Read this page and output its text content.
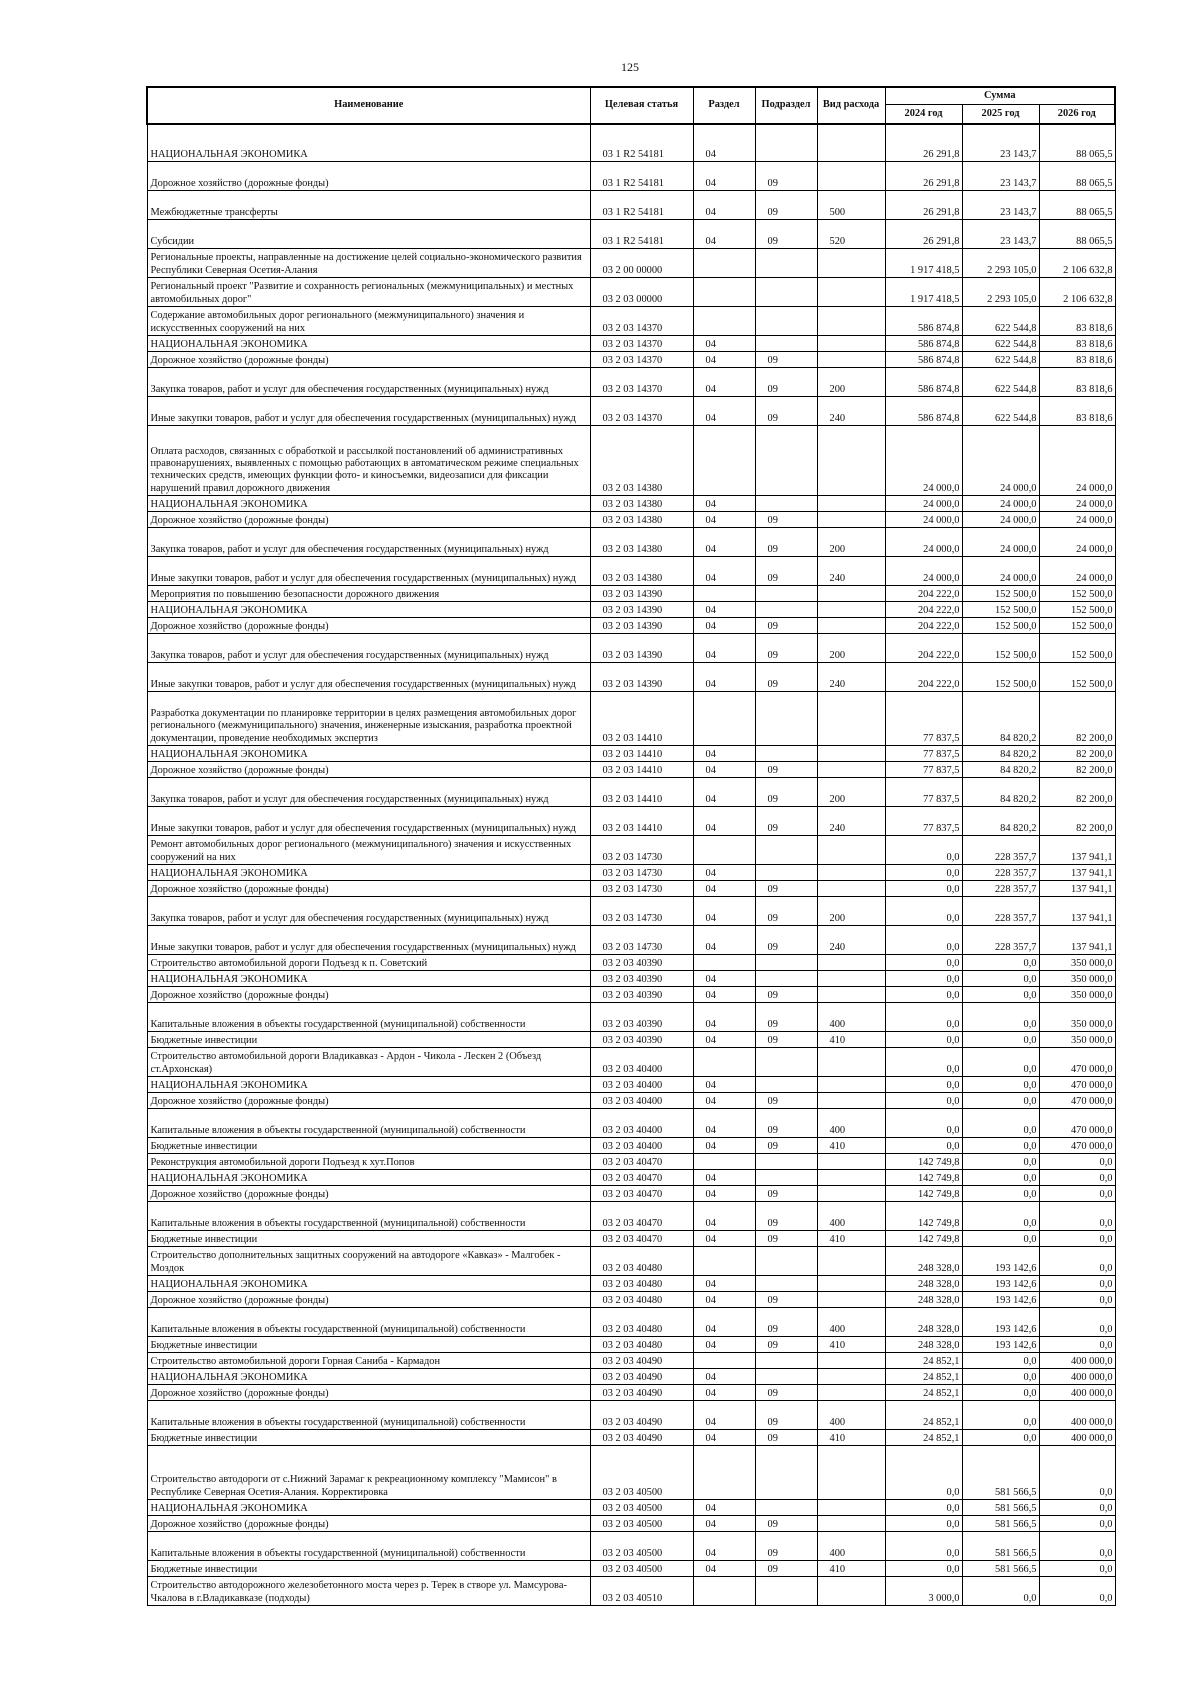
125
Наименование	Целевая статья	Раздел	Подраздел	Вид расхода	Сумма		
					2024 год	2025 год	2026 год
НАЦИОНАЛЬНАЯ ЭКОНОМИКА	03 1 R2 54181	04			26 291,8	23 143,7	88 065,5
Дорожное хозяйство (дорожные фонды)	03 1 R2 54181	04	09		26 291,8	23 143,7	88 065,5
Межбюджетные трансферты	03 1 R2 54181	04	09	500	26 291,8	23 143,7	88 065,5
Субсидии	03 1 R2 54181	04	09	520	26 291,8	23 143,7	88 065,5
Региональные проекты, направленные на достижение целей социально-экономического развития Республики Северная Осетия-Алания	03 2 00 00000				1 917 418,5	2 293 105,0	2 106 632,8
Региональный проект "Развитие и сохранность региональных (межмуниципальных) и местных автомобильных дорог"	03 2 03 00000				1 917 418,5	2 293 105,0	2 106 632,8
Содержание автомобильных дорог регионального (межмуниципального) значения и искусственных сооружений на них	03 2 03 14370				586 874,8	622 544,8	83 818,6
НАЦИОНАЛЬНАЯ ЭКОНОМИКА	03 2 03 14370	04			586 874,8	622 544,8	83 818,6
Дорожное хозяйство (дорожные фонды)	03 2 03 14370	04	09		586 874,8	622 544,8	83 818,6
Закупка товаров, работ и услуг для обеспечения государственных (муниципальных) нужд	03 2 03 14370	04	09	200	586 874,8	622 544,8	83 818,6
Иные закупки товаров, работ и услуг для обеспечения государственных (муниципальных) нужд	03 2 03 14370	04	09	240	586 874,8	622 544,8	83 818,6
Оплата расходов, связанных с обработкой и рассылкой постановлений об административных правонарушениях, выявленных с помощью работающих в автоматическом режиме специальных технических средств, имеющих функции фото- и киносъемки, видеозаписи для фиксации нарушений правил дорожного движения	03 2 03 14380				24 000,0	24 000,0	24 000,0
НАЦИОНАЛЬНАЯ ЭКОНОМИКА	03 2 03 14380	04			24 000,0	24 000,0	24 000,0
Дорожное хозяйство (дорожные фонды)	03 2 03 14380	04	09		24 000,0	24 000,0	24 000,0
Закупка товаров, работ и услуг для обеспечения государственных (муниципальных) нужд	03 2 03 14380	04	09	200	24 000,0	24 000,0	24 000,0
Иные закупки товаров, работ и услуг для обеспечения государственных (муниципальных) нужд	03 2 03 14380	04	09	240	24 000,0	24 000,0	24 000,0
Мероприятия по повышению безопасности дорожного движения	03 2 03 14390				204 222,0	152 500,0	152 500,0
НАЦИОНАЛЬНАЯ ЭКОНОМИКА	03 2 03 14390	04			204 222,0	152 500,0	152 500,0
Дорожное хозяйство (дорожные фонды)	03 2 03 14390	04	09		204 222,0	152 500,0	152 500,0
Закупка товаров, работ и услуг для обеспечения государственных (муниципальных) нужд	03 2 03 14390	04	09	200	204 222,0	152 500,0	152 500,0
Иные закупки товаров, работ и услуг для обеспечения государственных (муниципальных) нужд	03 2 03 14390	04	09	240	204 222,0	152 500,0	152 500,0
Разработка документации по планировке территории в целях размещения автомобильных дорог регионального (межмуниципального) значения, инженерные изыскания, разработка проектной документации, проведение необходимых экспертиз	03 2 03 14410				77 837,5	84 820,2	82 200,0
НАЦИОНАЛЬНАЯ ЭКОНОМИКА	03 2 03 14410	04			77 837,5	84 820,2	82 200,0
Дорожное хозяйство (дорожные фонды)	03 2 03 14410	04	09		77 837,5	84 820,2	82 200,0
Закупка товаров, работ и услуг для обеспечения государственных (муниципальных) нужд	03 2 03 14410	04	09	200	77 837,5	84 820,2	82 200,0
Иные закупки товаров, работ и услуг для обеспечения государственных (муниципальных) нужд	03 2 03 14410	04	09	240	77 837,5	84 820,2	82 200,0
Ремонт автомобильных дорог регионального (межмуниципального) значения и искусственных сооружений на них	03 2 03 14730				0,0	228 357,7	137 941,1
НАЦИОНАЛЬНАЯ ЭКОНОМИКА	03 2 03 14730	04			0,0	228 357,7	137 941,1
Дорожное хозяйство (дорожные фонды)	03 2 03 14730	04	09		0,0	228 357,7	137 941,1
Закупка товаров, работ и услуг для обеспечения государственных (муниципальных) нужд	03 2 03 14730	04	09	200	0,0	228 357,7	137 941,1
Иные закупки товаров, работ и услуг для обеспечения государственных (муниципальных) нужд	03 2 03 14730	04	09	240	0,0	228 357,7	137 941,1
Строительство автомобильной дороги Подъезд к п. Советский	03 2 03 40390				0,0	0,0	350 000,0
НАЦИОНАЛЬНАЯ ЭКОНОМИКА	03 2 03 40390	04			0,0	0,0	350 000,0
Дорожное хозяйство (дорожные фонды)	03 2 03 40390	04	09		0,0	0,0	350 000,0
Капитальные вложения в объекты государственной (муниципальной) собственности	03 2 03 40390	04	09	400	0,0	0,0	350 000,0
Бюджетные инвестиции	03 2 03 40390	04	09	410	0,0	0,0	350 000,0
Строительство автомобильной дороги Владикавказ - Ардон - Чикола - Лескен 2 (Объезд ст.Архонская)	03 2 03 40400				0,0	0,0	470 000,0
НАЦИОНАЛЬНАЯ ЭКОНОМИКА	03 2 03 40400	04			0,0	0,0	470 000,0
Дорожное хозяйство (дорожные фонды)	03 2 03 40400	04	09		0,0	0,0	470 000,0
Капитальные вложения в объекты государственной (муниципальной) собственности	03 2 03 40400	04	09	400	0,0	0,0	470 000,0
Бюджетные инвестиции	03 2 03 40400	04	09	410	0,0	0,0	470 000,0
Реконструкция автомобильной дороги Подъезд к хут.Попов	03 2 03 40470				142 749,8	0,0	0,0
НАЦИОНАЛЬНАЯ ЭКОНОМИКА	03 2 03 40470	04			142 749,8	0,0	0,0
Дорожное хозяйство (дорожные фонды)	03 2 03 40470	04	09		142 749,8	0,0	0,0
Капитальные вложения в объекты государственной (муниципальной) собственности	03 2 03 40470	04	09	400	142 749,8	0,0	0,0
Бюджетные инвестиции	03 2 03 40470	04	09	410	142 749,8	0,0	0,0
Строительство дополнительных защитных сооружений на автодороге «Кавказ» - Малгобек - Моздок	03 2 03 40480				248 328,0	193 142,6	0,0
НАЦИОНАЛЬНАЯ ЭКОНОМИКА	03 2 03 40480	04			248 328,0	193 142,6	0,0
Дорожное хозяйство (дорожные фонды)	03 2 03 40480	04	09		248 328,0	193 142,6	0,0
Капитальные вложения в объекты государственной (муниципальной) собственности	03 2 03 40480	04	09	400	248 328,0	193 142,6	0,0
Бюджетные инвестиции	03 2 03 40480	04	09	410	248 328,0	193 142,6	0,0
Строительство автомобильной дороги Горная Саниба - Кармадон	03 2 03 40490				24 852,1	0,0	400 000,0
НАЦИОНАЛЬНАЯ ЭКОНОМИКА	03 2 03 40490	04			24 852,1	0,0	400 000,0
Дорожное хозяйство (дорожные фонды)	03 2 03 40490	04	09		24 852,1	0,0	400 000,0
Капитальные вложения в объекты государственной (муниципальной) собственности	03 2 03 40490	04	09	400	24 852,1	0,0	400 000,0
Бюджетные инвестиции	03 2 03 40490	04	09	410	24 852,1	0,0	400 000,0
Строительство автодороги от с.Нижний Зарамаг к рекреационному комплексу "Мамисон" в Республике Северная Осетия-Алания. Корректировка	03 2 03 40500				0,0	581 566,5	0,0
НАЦИОНАЛЬНАЯ ЭКОНОМИКА	03 2 03 40500	04			0,0	581 566,5	0,0
Дорожное хозяйство (дорожные фонды)	03 2 03 40500	04	09		0,0	581 566,5	0,0
Капитальные вложения в объекты государственной (муниципальной) собственности	03 2 03 40500	04	09	400	0,0	581 566,5	0,0
Бюджетные инвестиции	03 2 03 40500	04	09	410	0,0	581 566,5	0,0
Строительство автодорожного железобетонного моста через р. Терек в створе ул. Мамсурова-Чкалова в г.Владикавказе (подходы)	03 2 03 40510				3 000,0	0,0	0,0
